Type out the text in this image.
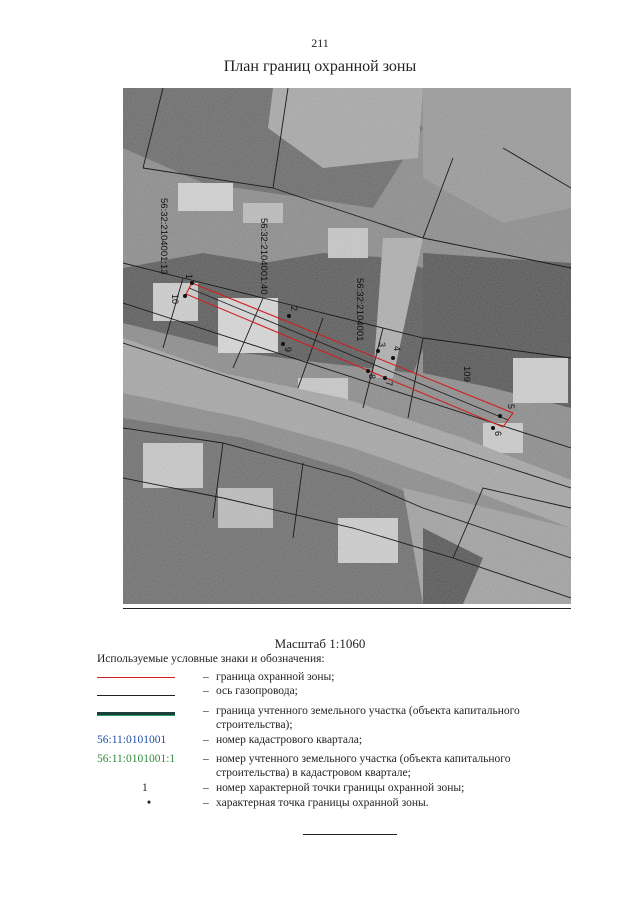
211
План границ охранной зоны
1
2
3
4
5
6
7
8
9
10
56:32:2104001:13	56:32:2104001:40
56:32:2104001
109
Масштаб 1:1060
Используемые условные знаки и обозначения:
– граница охранной зоны;
– ось газопровода;
– граница учтенного земельного участка (объекта капитального строительства);
56:11:0101001	– номер кадастрового квартала;
56:11:0101001:1	– номер учтенного земельного участка (объекта капитального строительства) в кадастровом квартале;
1	– номер характерной точки границы охранной зоны;
•	– характерная точка границы охранной зоны.
